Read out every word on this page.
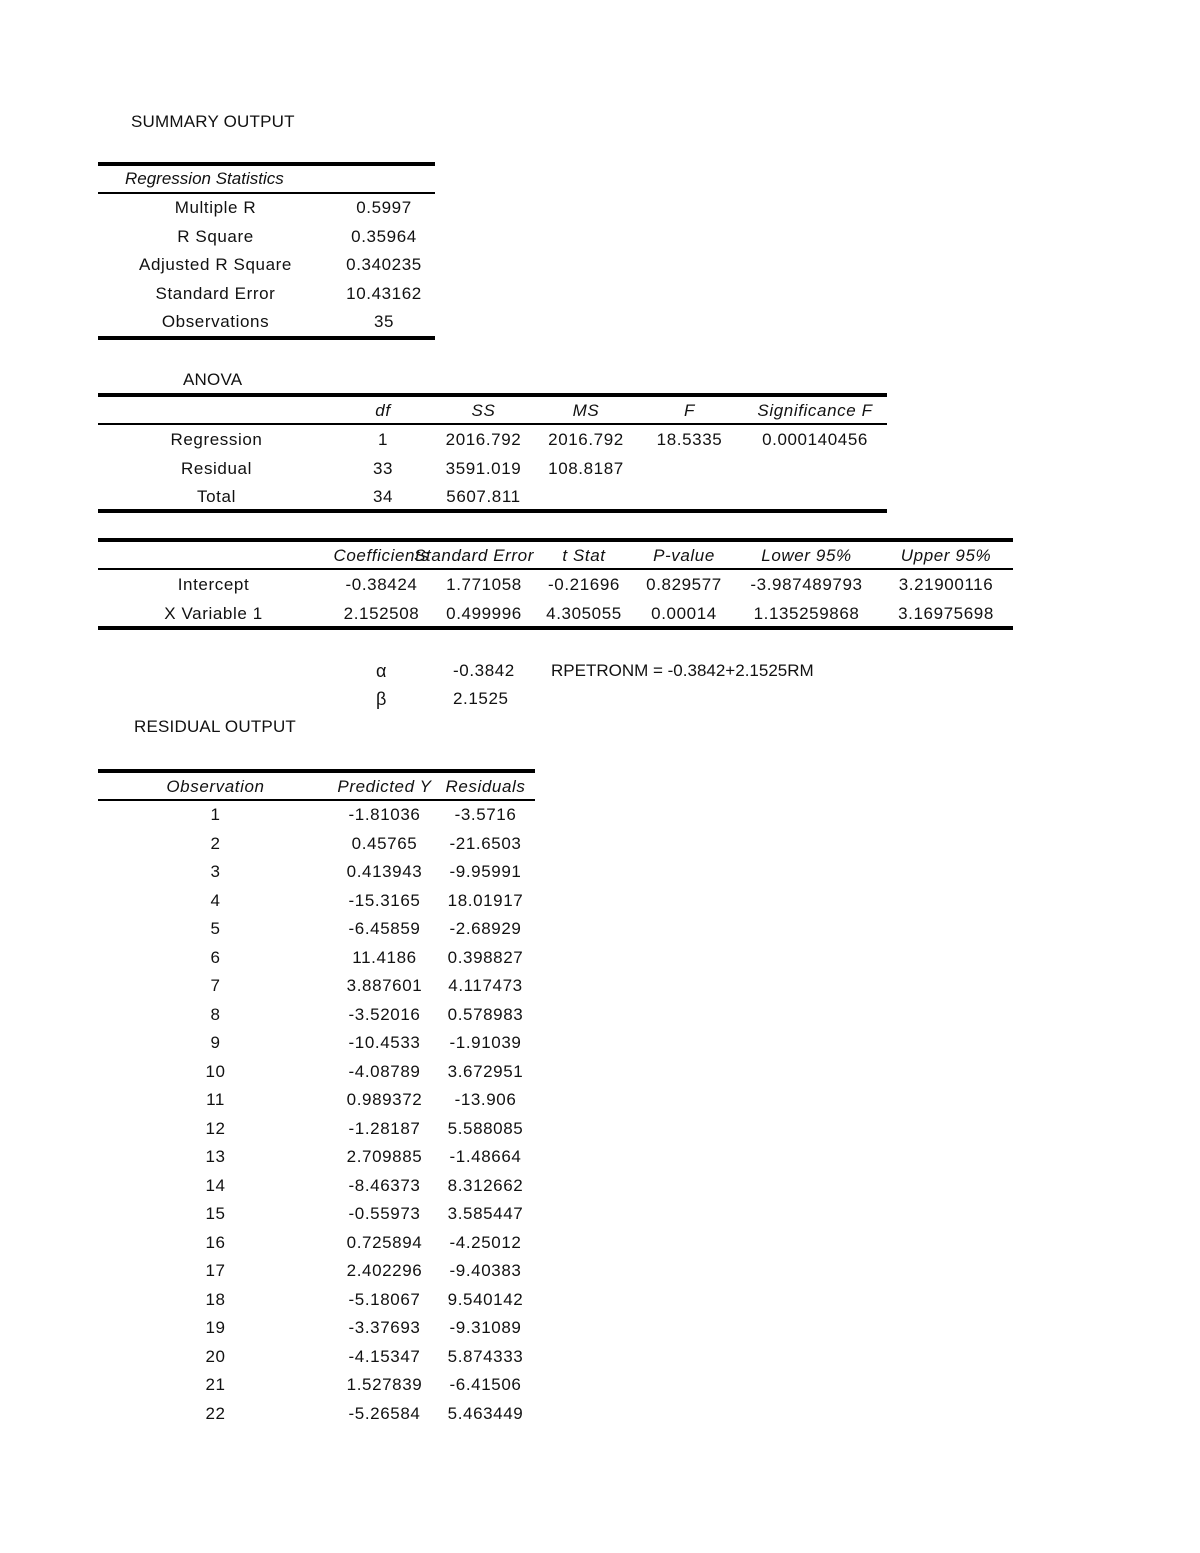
SUMMARY OUTPUT
Regression Statistics
Multiple R	0.5997
R Square	0.35964
Adjusted R Square	0.340235
Standard Error	10.43162
Observations	35
ANOVA
	df	SS	MS	F	Significance F
Regression	1	2016.792	2016.792	18.5335	0.000140456
Residual	33	3591.019	108.8187		
Total	34	5607.811			
	Coefficients	Standard Error	t Stat	P-value	Lower 95%	Upper 95%
Intercept	-0.38424	1.771058	-0.21696	0.829577	-3.987489793	3.21900116
X Variable 1	2.152508	0.499996	4.305055	0.00014	1.135259868	3.16975698
α	-0.3842 RPETRONM = -0.3842+2.1525RM
β	2.1525
RESIDUAL OUTPUT
Observation	Predicted Y	Residuals
1	-1.81036	-3.5716
2	0.45765	-21.6503
3	0.413943	-9.95991
4	-15.3165	18.01917
5	-6.45859	-2.68929
6	11.4186	0.398827
7	3.887601	4.117473
8	-3.52016	0.578983
9	-10.4533	-1.91039
10	-4.08789	3.672951
11	0.989372	-13.906
12	-1.28187	5.588085
13	2.709885	-1.48664
14	-8.46373	8.312662
15	-0.55973	3.585447
16	0.725894	-4.25012
17	2.402296	-9.40383
18	-5.18067	9.540142
19	-3.37693	-9.31089
20	-4.15347	5.874333
21	1.527839	-6.41506
22	-5.26584	5.463449
